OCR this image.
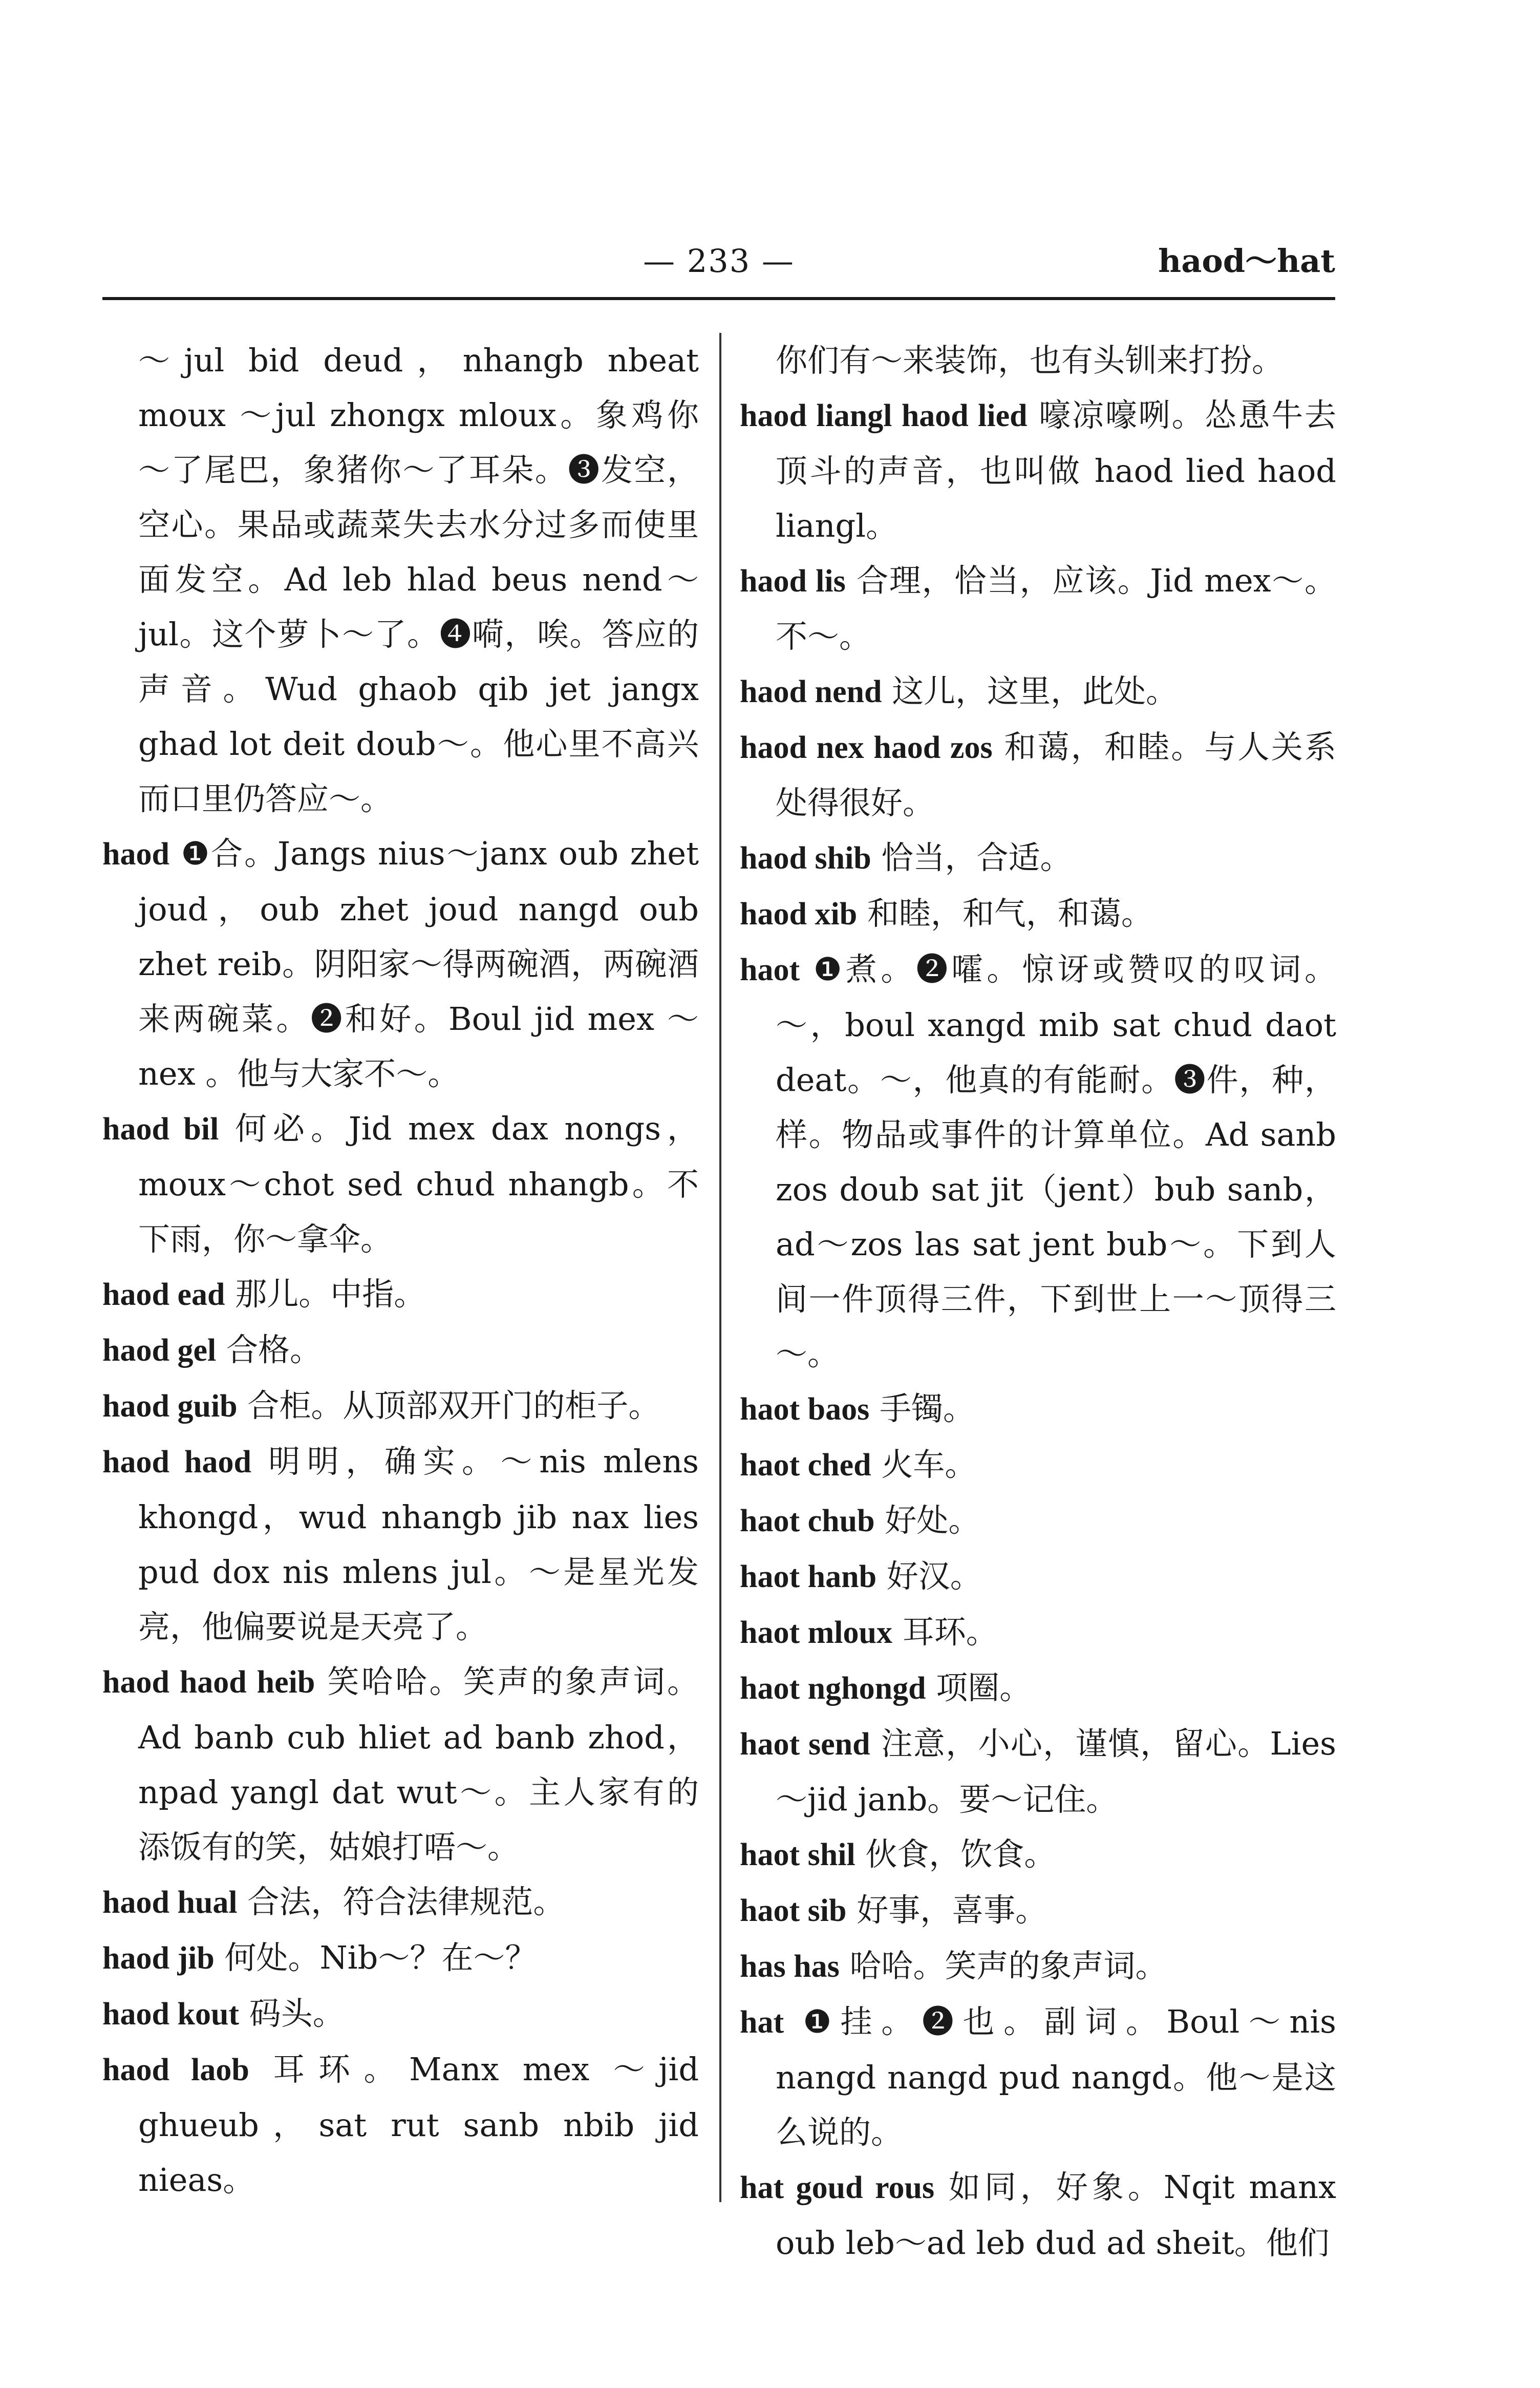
— 233 —	haod～hat
～jul bid deud，nhangb nbeat moux ～jul zhongx mloux。象鸡你～了尾巴，象猪你～了耳朵。❸发空，空心。果品或蔬菜失去水分过多而使里面发空。Ad leb hlad beus nend～jul。这个萝卜～了。❹嗬，唉。答应的声音。Wud ghaob qib jet jangx ghad lot deit doub～。他心里不高兴而口里仍答应～。
haod ❶合。Jangs nius～janx oub zhet joud，oub zhet joud nangd oub zhet reib。阴阳家～得两碗酒，两碗酒来两碗菜。❷和好。Boul jid mex ～nex 。他与大家不～。
haod bil 何必。Jid mex dax nongs，moux～chot sed chud nhangb。不下雨，你～拿伞。
haod ead 那儿。中指。
haod gel 合格。
haod guib 合柜。从顶部双开门的柜子。
haod haod 明明，确实。～nis mlens khongd，wud nhangb jib nax lies pud dox nis mlens jul。～是星光发亮，他偏要说是天亮了。
haod haod heib 笑哈哈。笑声的象声词。Ad banb cub hliet ad banb zhod，npad yangl dat wut～。主人家有的添饭有的笑，姑娘打唔～。
haod hual 合法，符合法律规范。
haod jib 何处。Nib～？在～？
haod kout 码头。
haod laob 耳环。Manx mex ～jid ghueub，sat rut sanb nbib jid nieas。
你们有～来装饰，也有头钏来打扮。
haod liangl haod lied 嚎凉嚎咧。怂恿牛去顶斗的声音，也叫做 haod lied haod liangl。
haod lis 合理，恰当，应该。Jid mex～。不～。
haod nend 这儿，这里，此处。
haod nex haod zos 和蔼，和睦。与人关系处得很好。
haod shib 恰当，合适。
haod xib 和睦，和气，和蔼。
haot ❶煮。❷嚯。惊讶或赞叹的叹词。～，boul xangd mib sat chud daot deat。～，他真的有能耐。❸件，种，样。物品或事件的计算单位。Ad sanb zos doub sat jit（jent）bub sanb，ad～zos las sat jent bub～。下到人间一件顶得三件，下到世上一～顶得三～。
haot baos 手镯。
haot ched 火车。
haot chub 好处。
haot hanb 好汉。
haot mloux 耳环。
haot nghongd 项圈。
haot send 注意，小心，谨慎，留心。Lies～jid janb。要～记住。
haot shil 伙食，饮食。
haot sib 好事，喜事。
has has 哈哈。笑声的象声词。
hat ❶挂。❷也。副词。Boul～nis nangd nangd pud nangd。他～是这么说的。
hat goud rous 如同，好象。Nqit manx oub leb～ad leb dud ad sheit。他们
